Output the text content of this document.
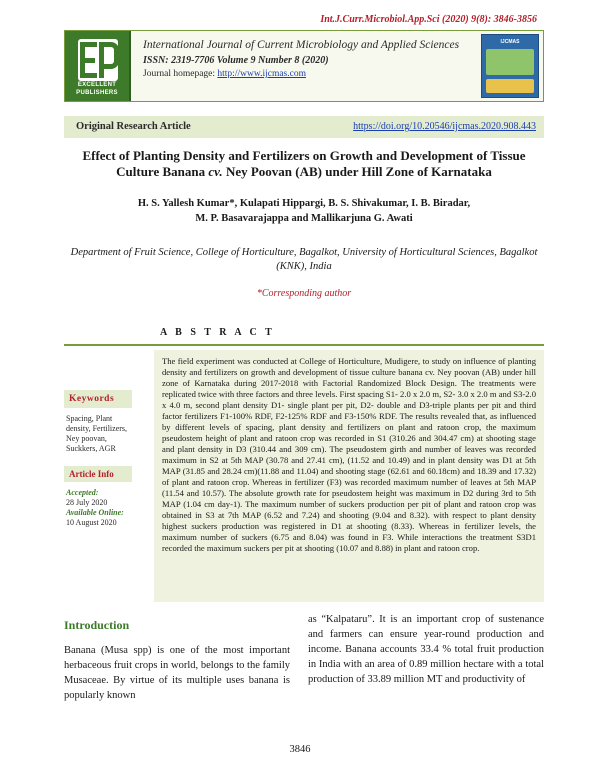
Int.J.Curr.Microbiol.App.Sci (2020) 9(8): 3846-3856
EXCELLENT
PUBLISHERS
International Journal of Current Microbiology and Applied Sciences
ISSN: 2319-7706 Volume 9 Number 8 (2020)
Journal homepage: http://www.ijcmas.com
IJCMAS
Original Research Article	https://doi.org/10.20546/ijcmas.2020.908.443
Effect of Planting Density and Fertilizers on Growth and Development of Tissue Culture Banana cv. Ney Poovan (AB) under Hill Zone of Karnataka
H. S. Yallesh Kumar*, Kulapati Hippargi, B. S. Shivakumar, I. B. Biradar,
M. P. Basavarajappa and Mallikarjuna G. Awati
Department of Fruit Science, College of Horticulture, Bagalkot, University of Horticultural Sciences, Bagalkot (KNK), India
*Corresponding author
A B S T R A C T
Keywords
Spacing, Plant density, Fertilizers, Ney poovan, Suckkers, AGR
Article Info
Accepted:
28 July 2020
Available Online:
10 August 2020
The field experiment was conducted at College of Horticulture, Mudigere, to study on influence of planting density and fertilizers on growth and development of tissue culture banana cv. Ney poovan (AB) under hill zone of Karnataka during 2017-2018 with Factorial Randomized Block Design. The treatments were replicated twice with three factors and three levels. First spacing S1- 2.0 x 2.0 m, S2- 3.0 x 2.0 m and S3-2.0 x 4.0 m, second plant density D1- single plant per pit, D2- double and D3-triple plants per pit and third factor fertilizers F1-100% RDF, F2-125% RDF and F3-150% RDF. The results revealed that, as influenced by different levels of spacing, plant density and fertilizers on plant and ratoon crop, the maximum pseudostem height of plant and ratoon crop was recorded in S1 (310.26 and 304.47 cm) at shooting stage and plant density in D3 (310.44 and 309 cm). The pseudostem girth and number of leaves was recorded maximum in S2 at 5th MAP (30.78 and 27.41 cm), (11.52 and 10.49) and in plant density was D1 at 5th MAP (31.85 and 28.24 cm)(11.88 and 11.04) and shooting stage (62.61 and 60.18cm) and 18.39 and 17.32) of plant and ratoon crop. Whereas in fertilizer (F3) was recorded maximum number of leaves at 5th MAP (11.54 and 10.57). The absolute growth rate for pseudostem height was maximum in D2 during 3rd to 5th MAP (1.04 cm day-1). The maximum number of suckers production per pit of plant and ratoon crop was obtained in S3 at 7th MAP (6.52 and 7.24) and shooting (9.04 and 8.32). with respect to plant density highest suckers production was registered in D1 at shooting (8.33). Whereas in fertilizer levels, the maximum number of suckers (6.75 and 8.04) was found in F3. While interactions the treatment S3D1 recorded the maximum suckers per pit at shooting (10.07 and 8.88) in plant and ratoon crop.
Introduction
Banana (Musa spp) is one of the most important herbaceous fruit crops in world, belongs to the family Musaceae. By virtue of its multiple uses banana is popularly known
as “Kalpataru”. It is an important crop of sustenance and farmers can ensure year-round production and income. Banana accounts 33.4 % total fruit production in India with an area of 0.89 million hectare with a total production of 33.89 million MT and productivity of
3846
